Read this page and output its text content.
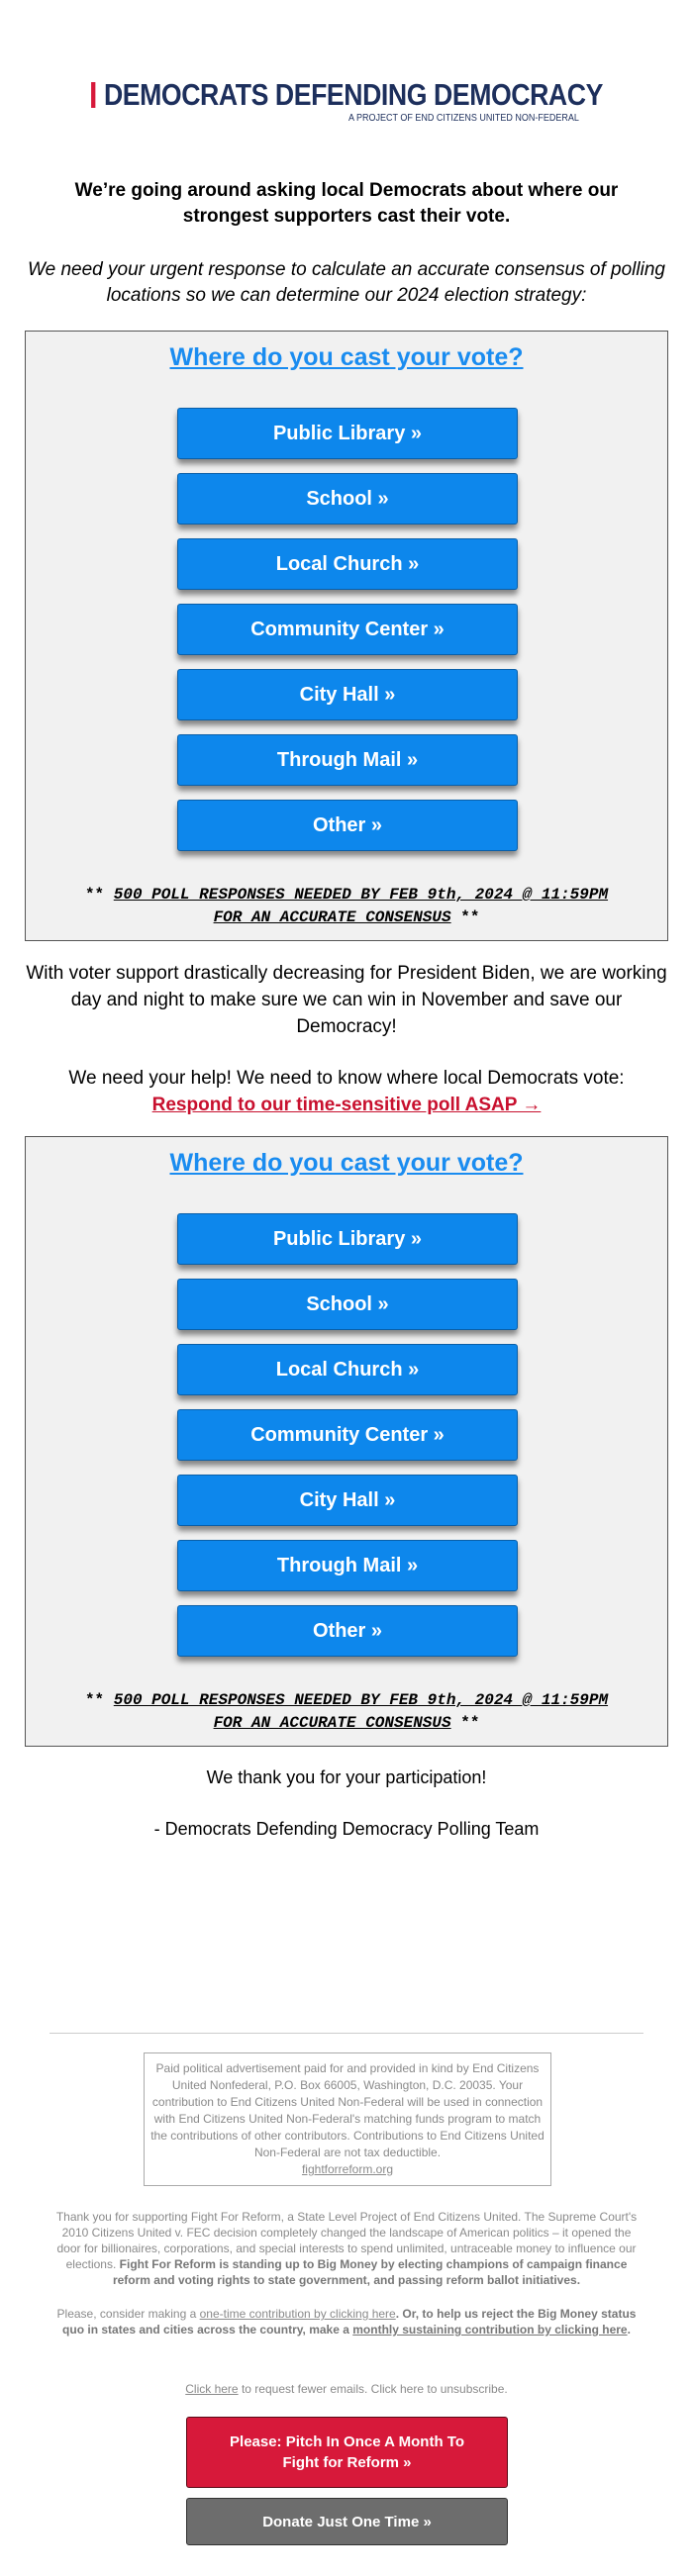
DEMOCRATS DEFENDING DEMOCRACY
A PROJECT OF END CITIZENS UNITED NON-FEDERAL
We’re going around asking local Democrats about where our strongest supporters cast their vote.
We need your urgent response to calculate an accurate consensus of polling locations so we can determine our 2024 election strategy:
Where do you cast your vote?
Public Library »
School »
Local Church »
Community Center »
City Hall »
Through Mail »
Other »
** 500 POLL RESPONSES NEEDED BY FEB 9th, 2024 @ 11:59PM
FOR AN ACCURATE CONSENSUS **
With voter support drastically decreasing for President Biden, we are working day and night to make sure we can win in November and save our Democracy!
We need your help! We need to know where local Democrats vote:
Respond to our time-sensitive poll ASAP →
Where do you cast your vote?
Public Library »
School »
Local Church »
Community Center »
City Hall »
Through Mail »
Other »
** 500 POLL RESPONSES NEEDED BY FEB 9th, 2024 @ 11:59PM
FOR AN ACCURATE CONSENSUS **
We thank you for your participation!
- Democrats Defending Democracy Polling Team
Paid political advertisement paid for and provided in kind by End Citizens United Nonfederal, P.O. Box 66005, Washington, D.C. 20035. Your contribution to End Citizens United Non-Federal will be used in connection with End Citizens United Non-Federal's matching funds program to match the contributions of other contributors. Contributions to End Citizens United Non-Federal are not tax deductible.
fightforreform.org
Thank you for supporting Fight For Reform, a State Level Project of End Citizens United. The Supreme Court's 2010 Citizens United v. FEC decision completely changed the landscape of American politics – it opened the door for billionaires, corporations, and special interests to spend unlimited, untraceable money to influence our elections. Fight For Reform is standing up to Big Money by electing champions of campaign finance reform and voting rights to state government, and passing reform ballot initiatives.
Please, consider making a one-time contribution by clicking here. Or, to help us reject the Big Money status quo in states and cities across the country, make a monthly sustaining contribution by clicking here.
Click here to request fewer emails. Click here to unsubscribe.
Please: Pitch In Once A Month To Fight for Reform »
Donate Just One Time »
